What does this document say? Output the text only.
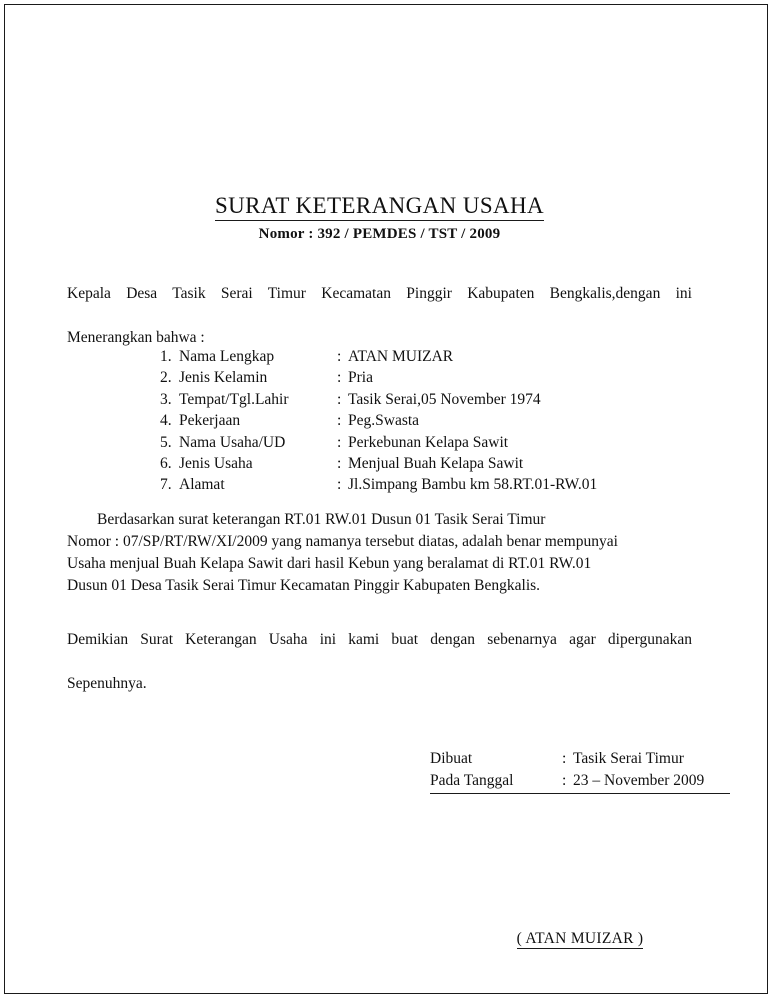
SURAT KETERANGAN USAHA
Nomor : 392 / PEMDES / TST / 2009
Kepala Desa Tasik Serai Timur Kecamatan Pinggir Kabupaten Bengkalis,dengan ini
Menerangkan bahwa :
1. Nama Lengkap	: ATAN MUIZAR
2. Jenis Kelamin	: Pria
3. Tempat/Tgl.Lahir	: Tasik Serai,05 November 1974
4. Pekerjaan	: Peg.Swasta
5. Nama Usaha/UD	: Perkebunan Kelapa Sawit
6. Jenis Usaha	: Menjual Buah Kelapa Sawit
7. Alamat	: Jl.Simpang Bambu km 58.RT.01-RW.01
Berdasarkan surat keterangan RT.01 RW.01 Dusun 01 Tasik Serai Timur
Nomor : 07/SP/RT/RW/XI/2009 yang namanya tersebut diatas, adalah benar mempunyai
Usaha menjual Buah Kelapa Sawit dari hasil Kebun yang beralamat di RT.01 RW.01
Dusun 01 Desa Tasik Serai Timur Kecamatan Pinggir Kabupaten Bengkalis.
Demikian Surat Keterangan Usaha ini kami buat dengan sebenarnya agar dipergunakan
Sepenuhnya.
Dibuat	: Tasik Serai Timur
Pada Tanggal	: 23 – November 2009
( ATAN MUIZAR )
